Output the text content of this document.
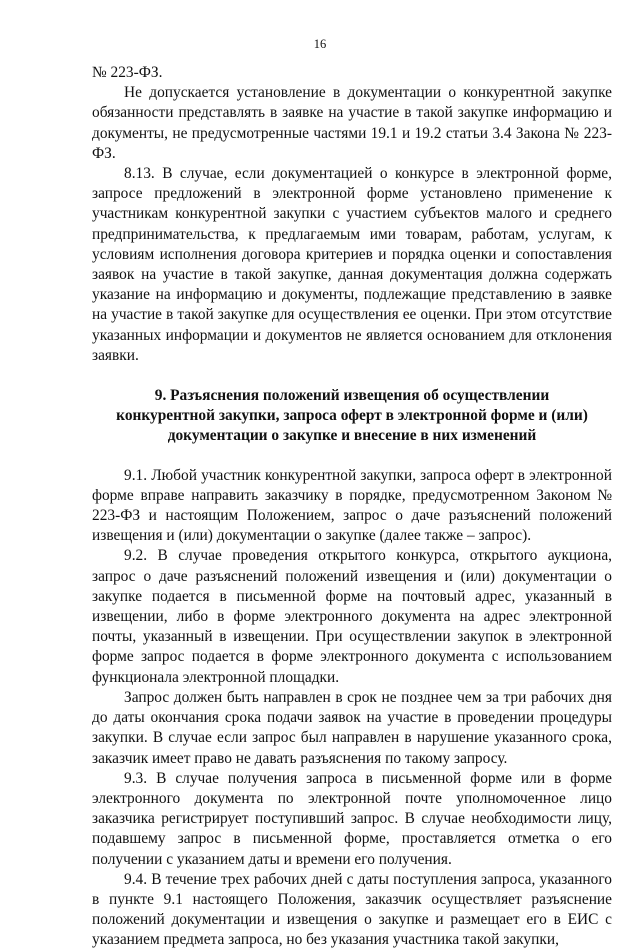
16

№ 223-ФЗ.

Не допускается установление в документации о конкурентной закупке обязанности представлять в заявке на участие в такой закупке информацию и документы, не предусмотренные частями 19.1 и 19.2 статьи 3.4 Закона № 223-ФЗ.

8.13. В случае, если документацией о конкурсе в электронной форме, запросе предложений в электронной форме установлено применение к участникам конкурентной закупки с участием субъектов малого и среднего предпринимательства, к предлагаемым ими товарам, работам, услугам, к условиям исполнения договора критериев и порядка оценки и сопоставления заявок на участие в такой закупке, данная документация должна содержать указание на информацию и документы, подлежащие представлению в заявке на участие в такой закупке для осуществления ее оценки. При этом отсутствие указанных информации и документов не является основанием для отклонения заявки.

9. Разъяснения положений извещения об осуществлении конкурентной закупки, запроса оферт в электронной форме и (или) документации о закупке и внесение в них изменений

9.1. Любой участник конкурентной закупки, запроса оферт в электронной форме вправе направить заказчику в порядке, предусмотренном Законом № 223-ФЗ и настоящим Положением, запрос о даче разъяснений положений извещения и (или) документации о закупке (далее также – запрос).

9.2. В случае проведения открытого конкурса, открытого аукциона, запрос о даче разъяснений положений извещения и (или) документации о закупке подается в письменной форме на почтовый адрес, указанный в извещении, либо в форме электронного документа на адрес электронной почты, указанный в извещении. При осуществлении закупок в электронной форме запрос подается в форме электронного документа с использованием функционала электронной площадки.

Запрос должен быть направлен в срок не позднее чем за три рабочих дня до даты окончания срока подачи заявок на участие в проведении процедуры закупки. В случае если запрос был направлен в нарушение указанного срока, заказчик имеет право не давать разъяснения по такому запросу.

9.3. В случае получения запроса в письменной форме или в форме электронного документа по электронной почте уполномоченное лицо заказчика регистрирует поступивший запрос. В случае необходимости лицу, подавшему запрос в письменной форме, проставляется отметка о его получении с указанием даты и времени его получения.

9.4. В течение трех рабочих дней с даты поступления запроса, указанного в пункте 9.1 настоящего Положения, заказчик осуществляет разъяснение положений документации и извещения о закупке и размещает его в ЕИС с указанием предмета запроса, но без указания участника такой закупки,
